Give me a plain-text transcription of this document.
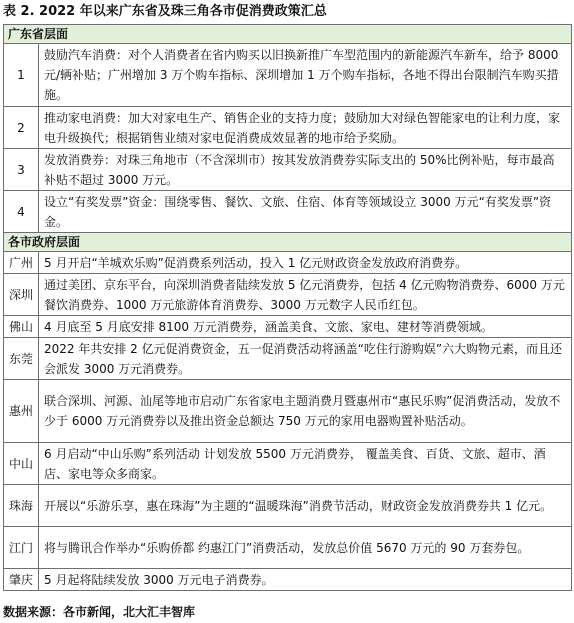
表 2. 2022 年以来广东省及珠三角各市促消费政策汇总
广东省层面	
1	鼓励汽车消费：对个人消费者在省内购买以旧换新推广车型范围内的新能源汽车新车，给予 8000 元/辆补贴；广州增加 3 万个购车指标、深圳增加 1 万个购车指标，各地不得出台限制汽车购买措施。
2	推动家电消费：加大对家电生产、销售企业的支持力度；鼓励加大对绿色智能家电的让利力度，家电升级换代；根据销售业绩对家电促消费成效显著的地市给予奖励。
3	发放消费券：对珠三角地市（不含深圳市）按其发放消费券实际支出的 50%比例补贴，每市最高补贴不超过 3000 万元。
4	设立“有奖发票”资金：围绕零售、餐饮、文旅、住宿、体育等领域设立 3000 万元“有奖发票”资金。
各市政府层面	
广州	5 月开启“羊城欢乐购”促消费系列活动，投入 1 亿元财政资金发放政府消费券。
深圳	通过美团、京东平台，向深圳消费者陆续发放 5 亿元消费券，包括 4 亿元购物消费券、6000 万元餐饮消费券、1000 万元旅游体育消费券、3000 万元数字人民币红包。
佛山	4 月底至 5 月底安排 8100 万元消费券，涵盖美食、文旅、家电、建材等消费领域。
东莞	2022 年共安排 2 亿元促消费资金，五一促消费活动将涵盖“吃住行游购娱”六大购物元素，而且还会派发 3000 万元消费券。
惠州	联合深圳、河源、汕尾等地市启动广东省家电主题消费月暨惠州市“惠民乐购”促消费活动，发放不少于 6000 万元消费券以及推出资金总额达 750 万元的家用电器购置补贴活动。
中山	6 月启动“中山乐购”系列活动 计划发放 5500 万元消费券， 覆盖美食、百货、文旅、超市、酒店、家电等众多商家。
珠海	开展以“乐游乐享，惠在珠海”为主题的“温暖珠海”消费节活动，财政资金发放消费券共 1 亿元。
江门	将与腾讯合作举办“乐购侨都 约惠江门”消费活动，发放总价值 5670 万元的 90 万套券包。
肇庆	5 月起将陆续发放 3000 万元电子消费券。
数据来源：各市新闻，北大汇丰智库
